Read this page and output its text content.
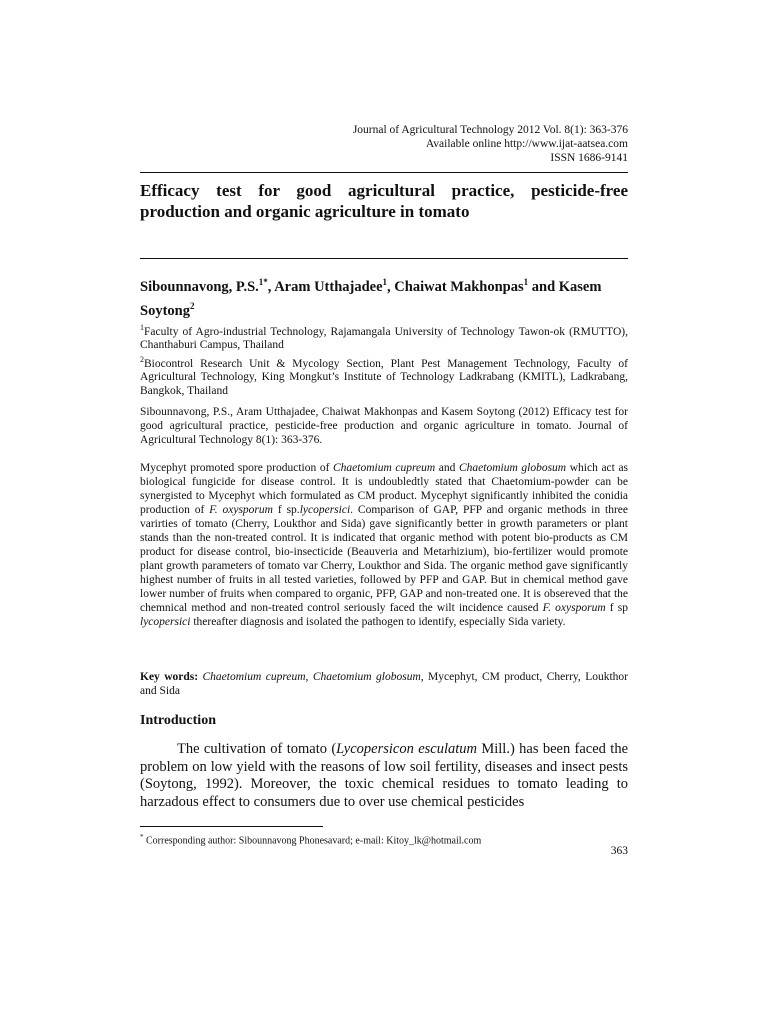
Journal of Agricultural Technology 2012 Vol. 8(1): 363-376
Available online http://www.ijat-aatsea.com
ISSN 1686-9141
Efficacy test for good agricultural practice, pesticide-free production and organic agriculture in tomato
Sibounnavong, P.S.$^{1*}$, Aram Utthajadee$^1$, Chaiwat Makhonpas$^1$ and Kasem Soytong$^2$

$^1$Faculty of Agro-industrial Technology, Rajamangala University of Technology Tawon-ok (RMUTTO), Chanthaburi Campus, Thailand

$^2$Biocontrol Research Unit & Mycology Section, Plant Pest Management Technology, Faculty of Agricultural Technology, King Mongkut’s Institute of Technology Ladkrabang (KMITL), Ladkrabang, Bangkok, Thailand

Sibounnavong, P.S., Aram Utthajadee, Chaiwat Makhonpas and Kasem Soytong (2012) Efficacy test for good agricultural practice, pesticide-free production and organic agriculture in tomato. Journal of Agricultural Technology 8(1): 363-376.
Mycephyt promoted spore production of Chaetomium cupreum and Chaetomium globosum which act as biological fungicide for disease control. It is undoubledtly stated that Chaetomium-powder can be synergisted to Mycephyt which formulated as CM product. Mycephyt significantly inhibited the conidia production of F. oxysporum f sp.lycopersici. Comparison of GAP, PFP and organic methods in three varirties of tomato (Cherry, Loukthor and Sida) gave significantly better in growth parameters or plant stands than the non-treated control. It is indicated that organic method with potent bio-products as CM product for disease control, bio-insecticide (Beauveria and Metarhizium), bio-fertilizer would promote plant growth parameters of tomato var Cherry, Loukthor and Sida. The organic method gave significantly highest number of fruits in all tested varieties, followed by PFP and GAP. But in chemical method gave lower number of fruits when compared to organic, PFP, GAP and non-treated one. It is obsereved that the chemnical method and non-treated control seriously faced the wilt incidence caused F. oxysporum f sp lycopersici thereafter diagnosis and isolated the pathogen to identify, especially Sida variety.
Key words: Chaetomium cupreum, Chaetomium globosum, Mycephyt, CM product, Cherry, Loukthor and Sida
Introduction
The cultivation of tomato (Lycopersicon esculatum Mill.) has been faced the problem on low yield with the reasons of low soil fertility, diseases and insect pests (Soytong, 1992). Moreover, the toxic chemical residues to tomato leading to harzadous effect to consumers due to over use chemical pesticides
* Corresponding author: Sibounnavong Phonesavard; e-mail: Kitoy_lk@hotmail.com
363
